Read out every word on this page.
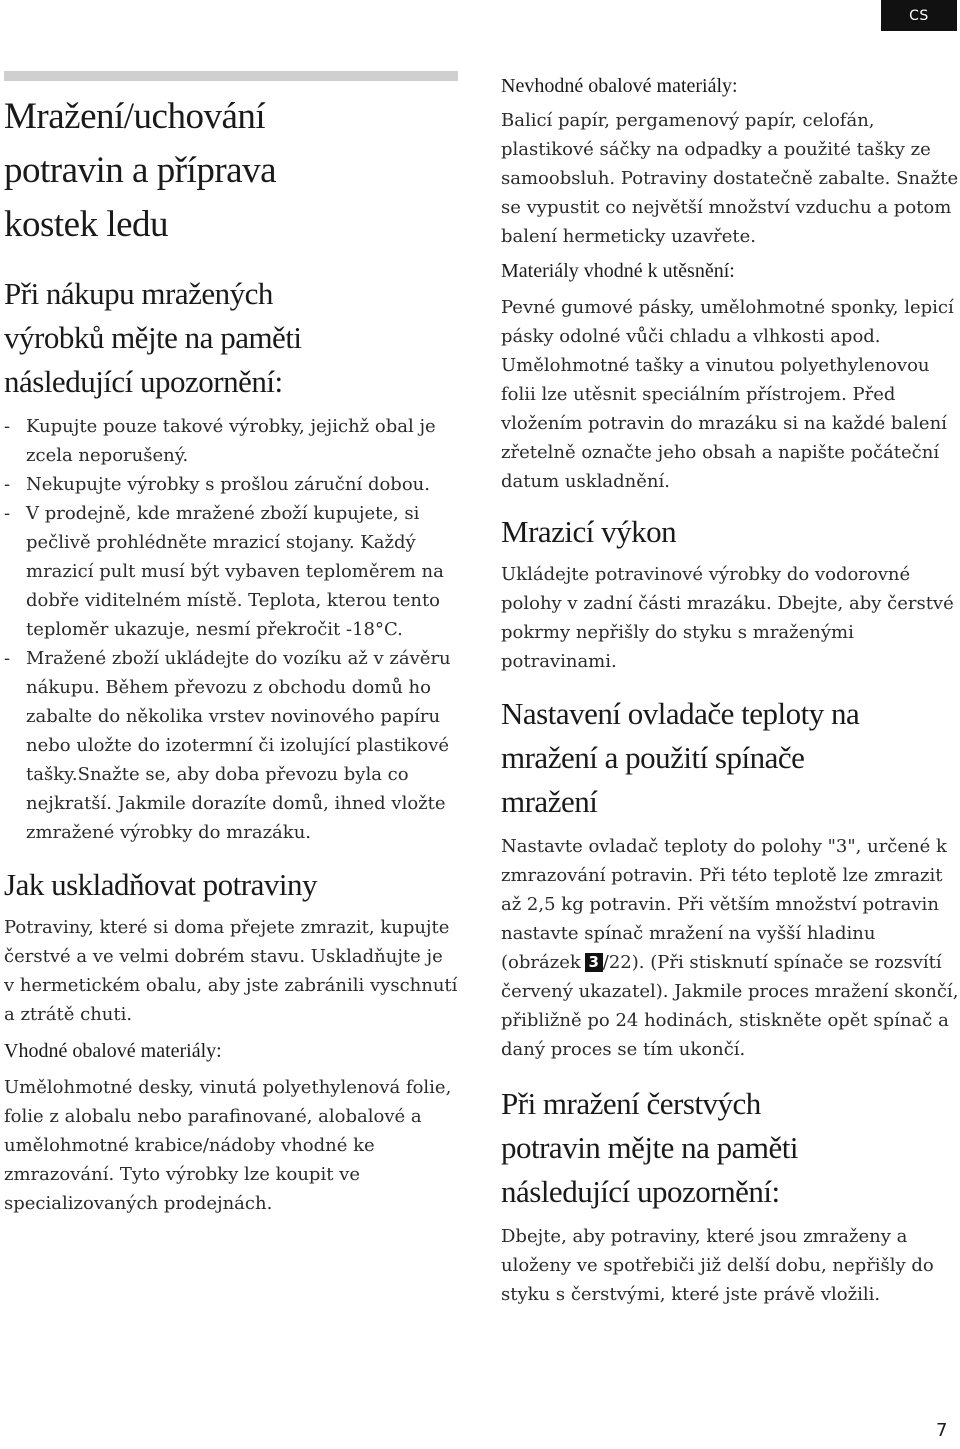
CS
Mražení/uchování
potravin a příprava
kostek ledu
Při nákupu mražených
výrobků mějte na paměti
následující upozornění:
- Kupujte pouze takové výrobky, jejichž obal je zcela neporušený.
- Nekupujte výrobky s prošlou záruční dobou.
- V prodejně, kde mražené zboží kupujete, si pečlivě prohlédněte mrazicí stojany. Každý mrazicí pult musí být vybaven teploměrem na dobře viditelném místě. Teplota, kterou tento teploměr ukazuje, nesmí překročit -18°C.
- Mražené zboží ukládejte do vozíku až v závěru nákupu. Během převozu z obchodu domů ho zabalte do několika vrstev novinového papíru nebo uložte do izotermní či izolující plastikové tašky.Snažte se, aby doba převozu byla co nejkratší. Jakmile dorazíte domů, ihned vložte zmražené výrobky do mrazáku.
Jak uskladňovat potraviny

Potraviny, které si doma přejete zmrazit, kupujte čerstvé a ve velmi dobrém stavu. Uskladňujte je v hermetickém obalu, aby jste zabránili vyschnutí a ztrátě chuti.

Vhodné obalové materiály:

Umělohmotné desky, vinutá polyethylenová folie, folie z alobalu nebo parafinované, alobalové a umělohmotné krabice/nádoby vhodné ke zmrazování. Tyto výrobky lze koupit ve specializovaných prodejnách.

Nevhodné obalové materiály:

Balicí papír, pergamenový papír, celofán, plastikové sáčky na odpadky a použité tašky ze samoobsluh. Potraviny dostatečně zabalte. Snažte se vypustit co největší množství vzduchu a potom balení hermeticky uzavřete.

Materiály vhodné k utěsnění:

Pevné gumové pásky, umělohmotné sponky, lepicí pásky odolné vůči chladu a vlhkosti apod. Umělohmotné tašky a vinutou polyethylenovou folii lze utěsnit speciálním přístrojem. Před vložením potravin do mrazáku si na každé balení zřetelně označte jeho obsah a napište počáteční datum uskladnění.

Mrazicí výkon

Ukládejte potravinové výrobky do vodorovné polohy v zadní části mrazáku. Dbejte, aby čerstvé pokrmy nepřišly do styku s mraženými potravinami.

Nastavení ovladače teploty na
mražení a použití spínače
mražení

Nastavte ovladač teploty do polohy "3", určené k zmrazování potravin. Při této teplotě lze zmrazit až 2,5 kg potravin. Při větším množství potravin nastavte spínač mražení na vyšší hladinu (obrázek 3 /22). (Při stisknutí spínače se rozsvítí červený ukazatel). Jakmile proces mražení skončí, přibližně po 24 hodinách, stiskněte opět spínač a daný proces se tím ukončí.

Při mražení čerstvých
potravin mějte na paměti
následující upozornění:

Dbejte, aby potraviny, které jsou zmraženy a uloženy ve spotřebiči již delší dobu, nepřišly do styku s čerstvými, které jste právě vložili.

7
